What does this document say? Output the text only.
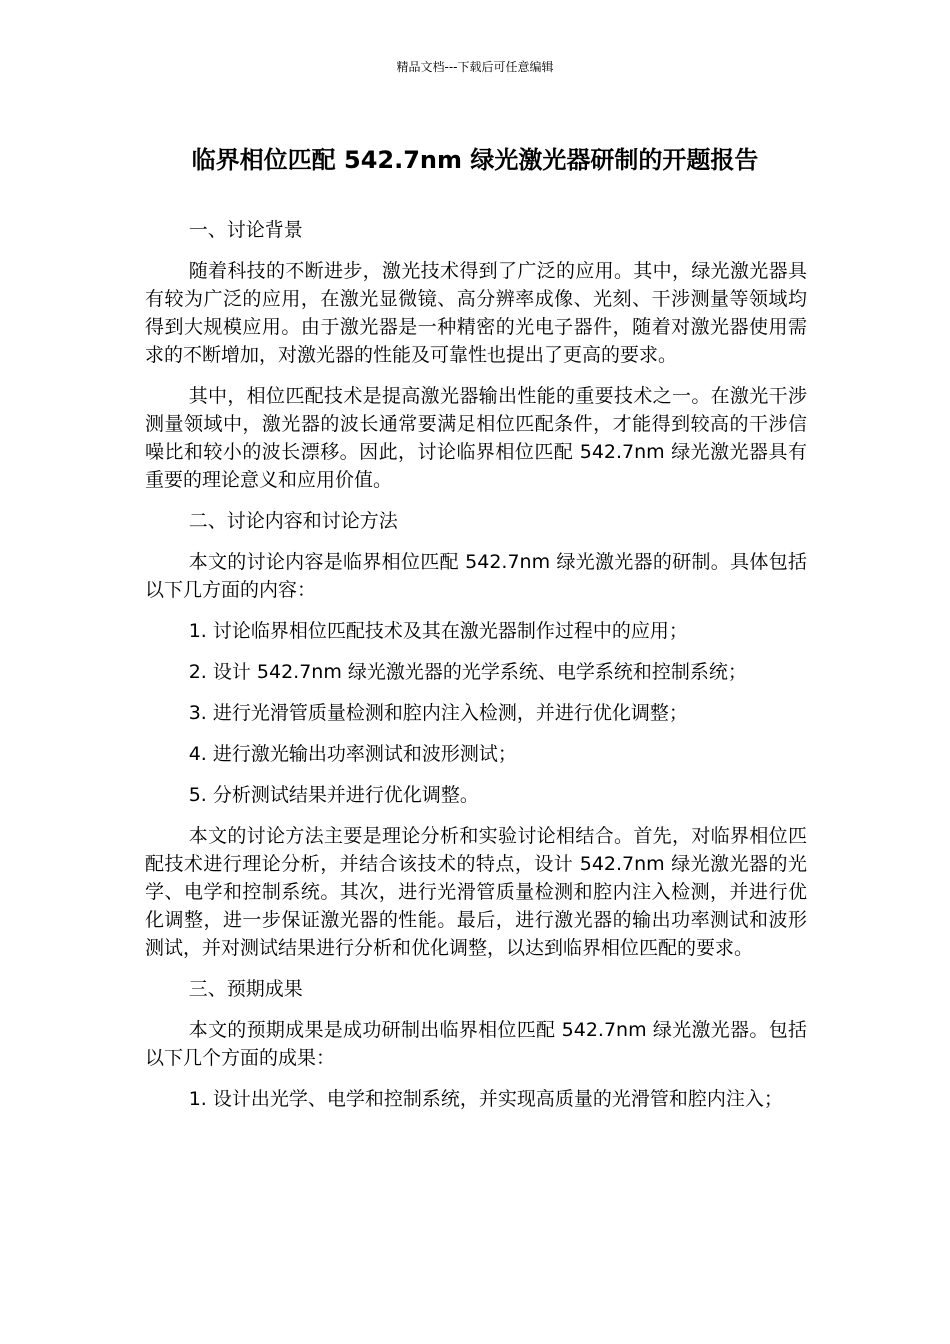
精品文档---下载后可任意编辑
临界相位匹配 542.7nm 绿光激光器研制的开题报告

一、讨论背景

随着科技的不断进步，激光技术得到了广泛的应用。其中，绿光激光器具有较为广泛的应用，在激光显微镜、高分辨率成像、光刻、干涉测量等领域均得到大规模应用。由于激光器是一种精密的光电子器件，随着对激光器使用需求的不断增加，对激光器的性能及可靠性也提出了更高的要求。

其中，相位匹配技术是提高激光器输出性能的重要技术之一。在激光干涉测量领域中，激光器的波长通常要满足相位匹配条件，才能得到较高的干涉信噪比和较小的波长漂移。因此，讨论临界相位匹配 542.7nm 绿光激光器具有重要的理论意义和应用价值。

二、讨论内容和讨论方法

本文的讨论内容是临界相位匹配 542.7nm 绿光激光器的研制。具体包括以下几方面的内容：

1. 讨论临界相位匹配技术及其在激光器制作过程中的应用；

2. 设计 542.7nm 绿光激光器的光学系统、电学系统和控制系统；

3. 进行光滑管质量检测和腔内注入检测，并进行优化调整；

4. 进行激光输出功率测试和波形测试；

5. 分析测试结果并进行优化调整。

本文的讨论方法主要是理论分析和实验讨论相结合。首先，对临界相位匹配技术进行理论分析，并结合该技术的特点，设计 542.7nm 绿光激光器的光学、电学和控制系统。其次，进行光滑管质量检测和腔内注入检测，并进行优化调整，进一步保证激光器的性能。最后，进行激光器的输出功率测试和波形测试，并对测试结果进行分析和优化调整，以达到临界相位匹配的要求。

三、预期成果

本文的预期成果是成功研制出临界相位匹配 542.7nm 绿光激光器。包括以下几个方面的成果：

1. 设计出光学、电学和控制系统，并实现高质量的光滑管和腔内注入；
